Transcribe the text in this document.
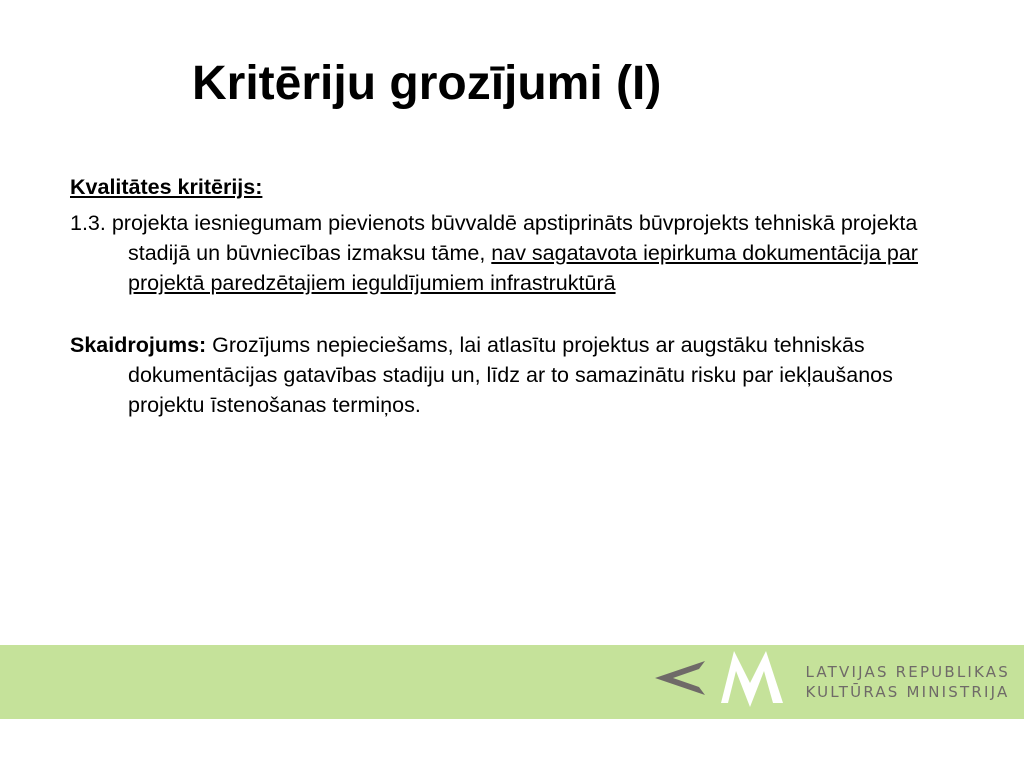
Kritēriju grozījumi (I)

Kvalitātes kritērijs:

1.3. projekta iesniegumam pievienots būvvaldē apstiprināts būvprojekts tehniskā projekta stadijā un būvniecības izmaksu tāme, nav sagatavota iepirkuma dokumentācija par projektā paredzētajiem ieguldījumiem infrastruktūrā

Skaidrojums: Grozījums nepieciešams, lai atlasītu projektus ar augstāku tehniskās dokumentācijas gatavības stadiju un, līdz ar to samazinātu risku par iekļaušanos projektu īstenošanas termiņos.

LATVIJAS REPUBLIKAS
KULTŪRAS MINISTRIJA
